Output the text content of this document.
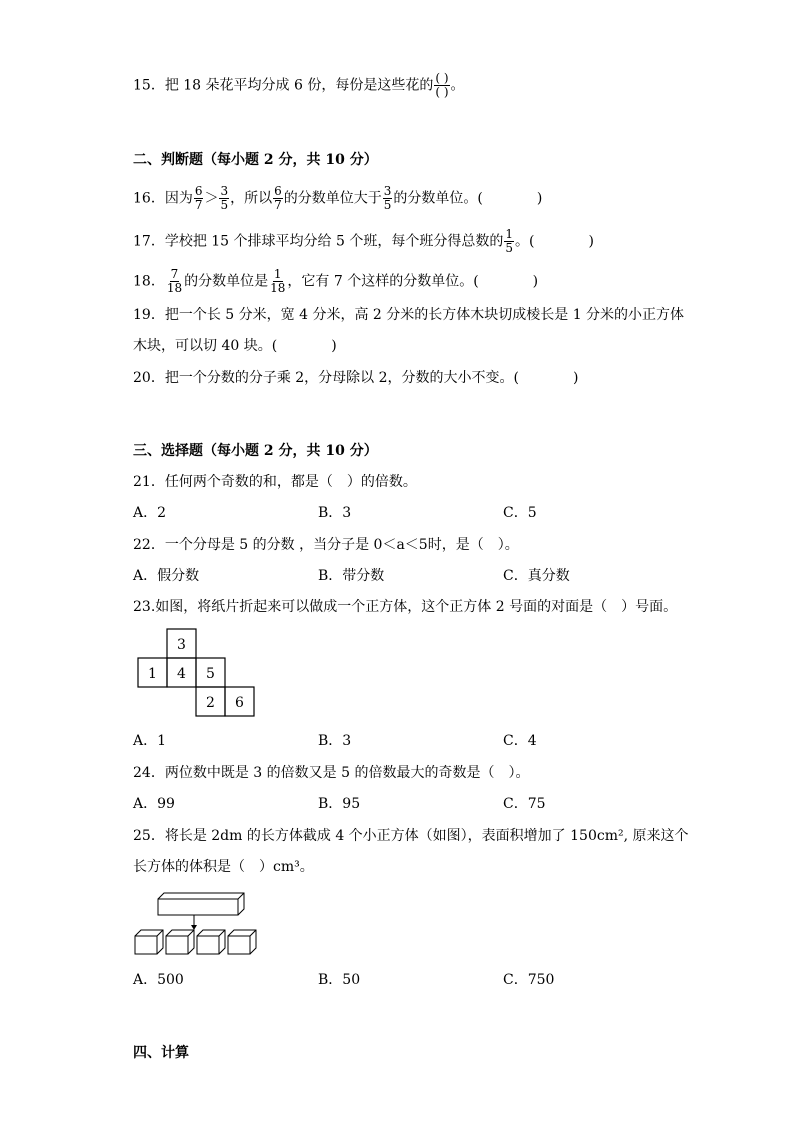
15．把 18 朵花平均分成 6 份，每份是这些花的 $\frac{( )}{( )}$ 。
二、判断题（每小题 2 分，共 10 分）
16．因为 $\frac{6}{7} > \frac{3}{5}$ ，所以 $\frac{6}{7}$ 的分数单位大于 $\frac{3}{5}$ 的分数单位。(	)
17．学校把 15 个排球平均分给 5 个班，每个班分得总数的 $\frac{1}{5}$ 。(	)
18． $\frac{7}{18}$ 的分数单位是 $\frac{1}{18}$ ，它有 7 个这样的分数单位。(	)
19．把一个长 5 分米，宽 4 分米，高 2 分米的长方体木块切成棱长是 1 分米的小正方体
木块，可以切 40 块。(	)
20．把一个分数的分子乘 2，分母除以 2，分数的大小不变。(	)
三、选择题（每小题 2 分，共 10 分）
21．任何两个奇数的和，都是（　）的倍数。
A．2	B．3	C．5
22．一个分母是 5 的分数 ，当分子是 0＜a＜5时，是（　）。
A．假分数	B．带分数	C．真分数
23.如图，将纸片折起来可以做成一个正方体，这个正方体 2 号面的对面是（　）号面。
3
1 4 5
2 6
A．1	B．3	C．4
24．两位数中既是 3 的倍数又是 5 的倍数最大的奇数是（　）。
A．99	B．95	C．75
25．将长是 2dm 的长方体截成 4 个小正方体（如图），表面积增加了 150cm², 原来这个
长方体的体积是（　）cm³。
A．500	B．50	C．750
四、计算
